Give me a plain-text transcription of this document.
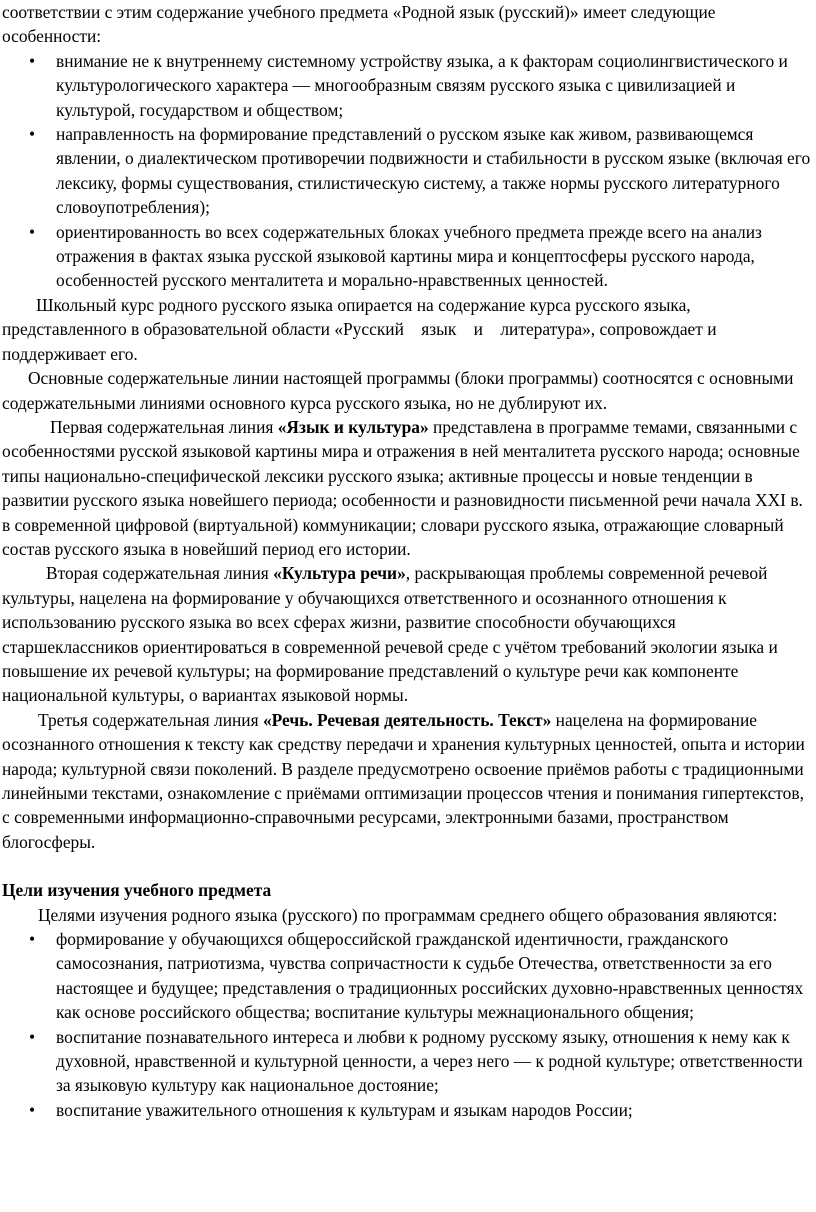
соответствии с этим содержание учебного предмета «Родной язык (русский)» имеет следующие особенности:

• внимание не к внутреннему системному устройству языка, а к факторам социолингвистического и культурологического характера — многообразным связям русского языка с цивилизацией и культурой, государством и обществом;
• направленность на формирование представлений о русском языке как живом, развивающемся явлении, о диалектическом противоречии подвижности и стабильности в русском языке (включая его лексику, формы существования, стилистическую систему, а также нормы русского литературного словоупотребления);
• ориентированность во всех содержательных блоках учебного предмета прежде всего на анализ отражения в фактах языка русской языковой картины мира и концептосферы русского народа, особенностей русского менталитета и морально-нравственных ценностей.

Школьный курс родного русского языка опирается на содержание курса русского языка, представленного в образовательной области «Русский    язык    и    литература», сопровождает и поддерживает его.

Основные содержательные линии настоящей программы (блоки программы) соотносятся с основными содержательными линиями основного курса русского языка, но не дублируют их.

Первая содержательная линия «Язык и культура» представлена в программе темами, связанными с особенностями русской языковой картины мира и отражения в ней менталитета русского народа; основные типы национально-специфической лексики русского языка; активные процессы и новые тенденции в развитии русского языка новейшего периода; особенности и разновидности письменной речи начала XXI в. в современной цифровой (виртуальной) коммуникации; словари русского языка, отражающие словарный состав русского языка в новейший период его истории.

Вторая содержательная линия «Культура речи», раскрывающая проблемы современной речевой культуры, нацелена на формирование у обучающихся ответственного и осознанного отношения к использованию русского языка во всех сферах жизни, развитие способности обучающихся старшеклассников ориентироваться в современной речевой среде с учётом требований экологии языка и повышение их речевой культуры; на формирование представлений о культуре речи как компоненте национальной культуры, о вариантах языковой нормы.

Третья содержательная линия «Речь. Речевая деятельность. Текст» нацелена на формирование осознанного отношения к тексту как средству передачи и хранения культурных ценностей, опыта и истории народа; культурной связи поколений. В разделе предусмотрено освоение приёмов работы с традиционными линейными текстами, ознакомление с приёмами оптимизации процессов чтения и понимания гипертекстов, с современными информационно-справочными ресурсами, электронными базами, пространством блогосферы.

Цели изучения учебного предмета

Целями изучения родного языка (русского) по программам среднего общего образования являются:

• формирование у обучающихся общероссийской гражданской идентичности, гражданского самосознания, патриотизма, чувства сопричастности к судьбе Отечества, ответственности за его настоящее и будущее; представления о традиционных российских духовно-нравственных ценностях как основе российского общества; воспитание культуры межнационального общения;
• воспитание познавательного интереса и любви к родному русскому языку, отношения к нему как к духовной, нравственной и культурной ценности, а через него — к родной культуре; ответственности за языковую культуру как национальное достояние;
• воспитание уважительного отношения к культурам и языкам народов России;
